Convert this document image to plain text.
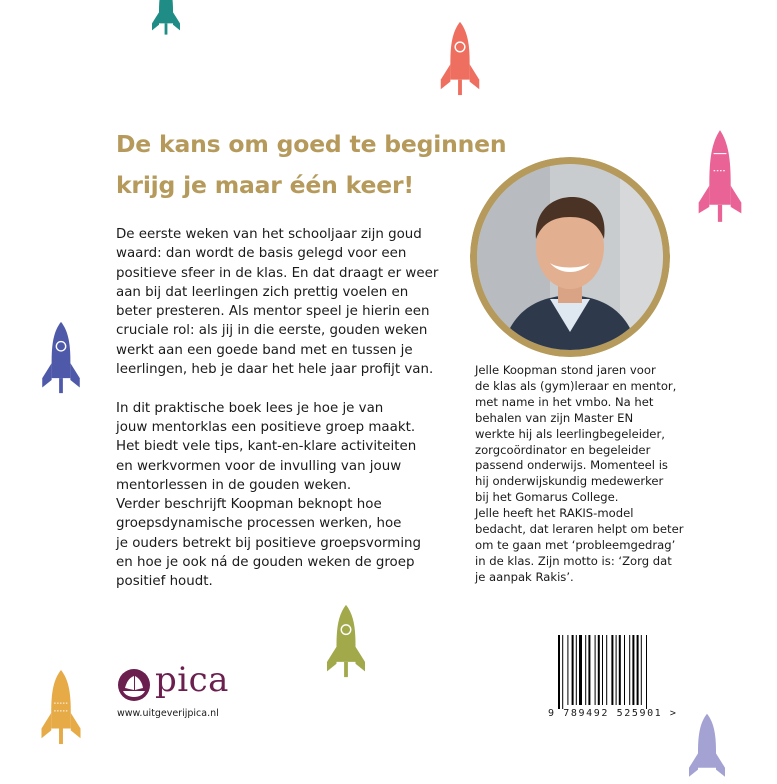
De kans om goed te beginnen
krijg je maar één keer!

De eerste weken van het schooljaar zijn goud
waard: dan wordt de basis gelegd voor een
positieve sfeer in de klas. En dat draagt er weer
aan bij dat leerlingen zich prettig voelen en
beter presteren. Als mentor speel je hierin een
cruciale rol: als jij in die eerste, gouden weken
werkt aan een goede band met en tussen je
leerlingen, heb je daar het hele jaar profijt van.

In dit praktische boek lees je hoe je van
jouw mentorklas een positieve groep maakt.
Het biedt vele tips, kant-en-klare activiteiten
en werkvormen voor de invulling van jouw
mentorlessen in de gouden weken.
Verder beschrijft Koopman beknopt hoe
groepsdynamische processen werken, hoe
je ouders betrekt bij positieve groepsvorming
en hoe je ook ná de gouden weken de groep
positief houdt.

Jelle Koopman stond jaren voor
de klas als (gym)leraar en mentor,
met name in het vmbo. Na het
behalen van zijn Master EN
werkte hij als leerlingbegeleider,
zorgcoördinator en begeleider
passend onderwijs. Momenteel is
hij onderwijskundig medewerker
bij het Gomarus College.
Jelle heeft het RAKIS-model
bedacht, dat leraren helpt om beter
om te gaan met ‘probleemgedrag’
in de klas. Zijn motto is: ‘Zorg dat
je aanpak Rakis’.
pica
www.uitgeverijpica.nl	9 789492 525901 >
